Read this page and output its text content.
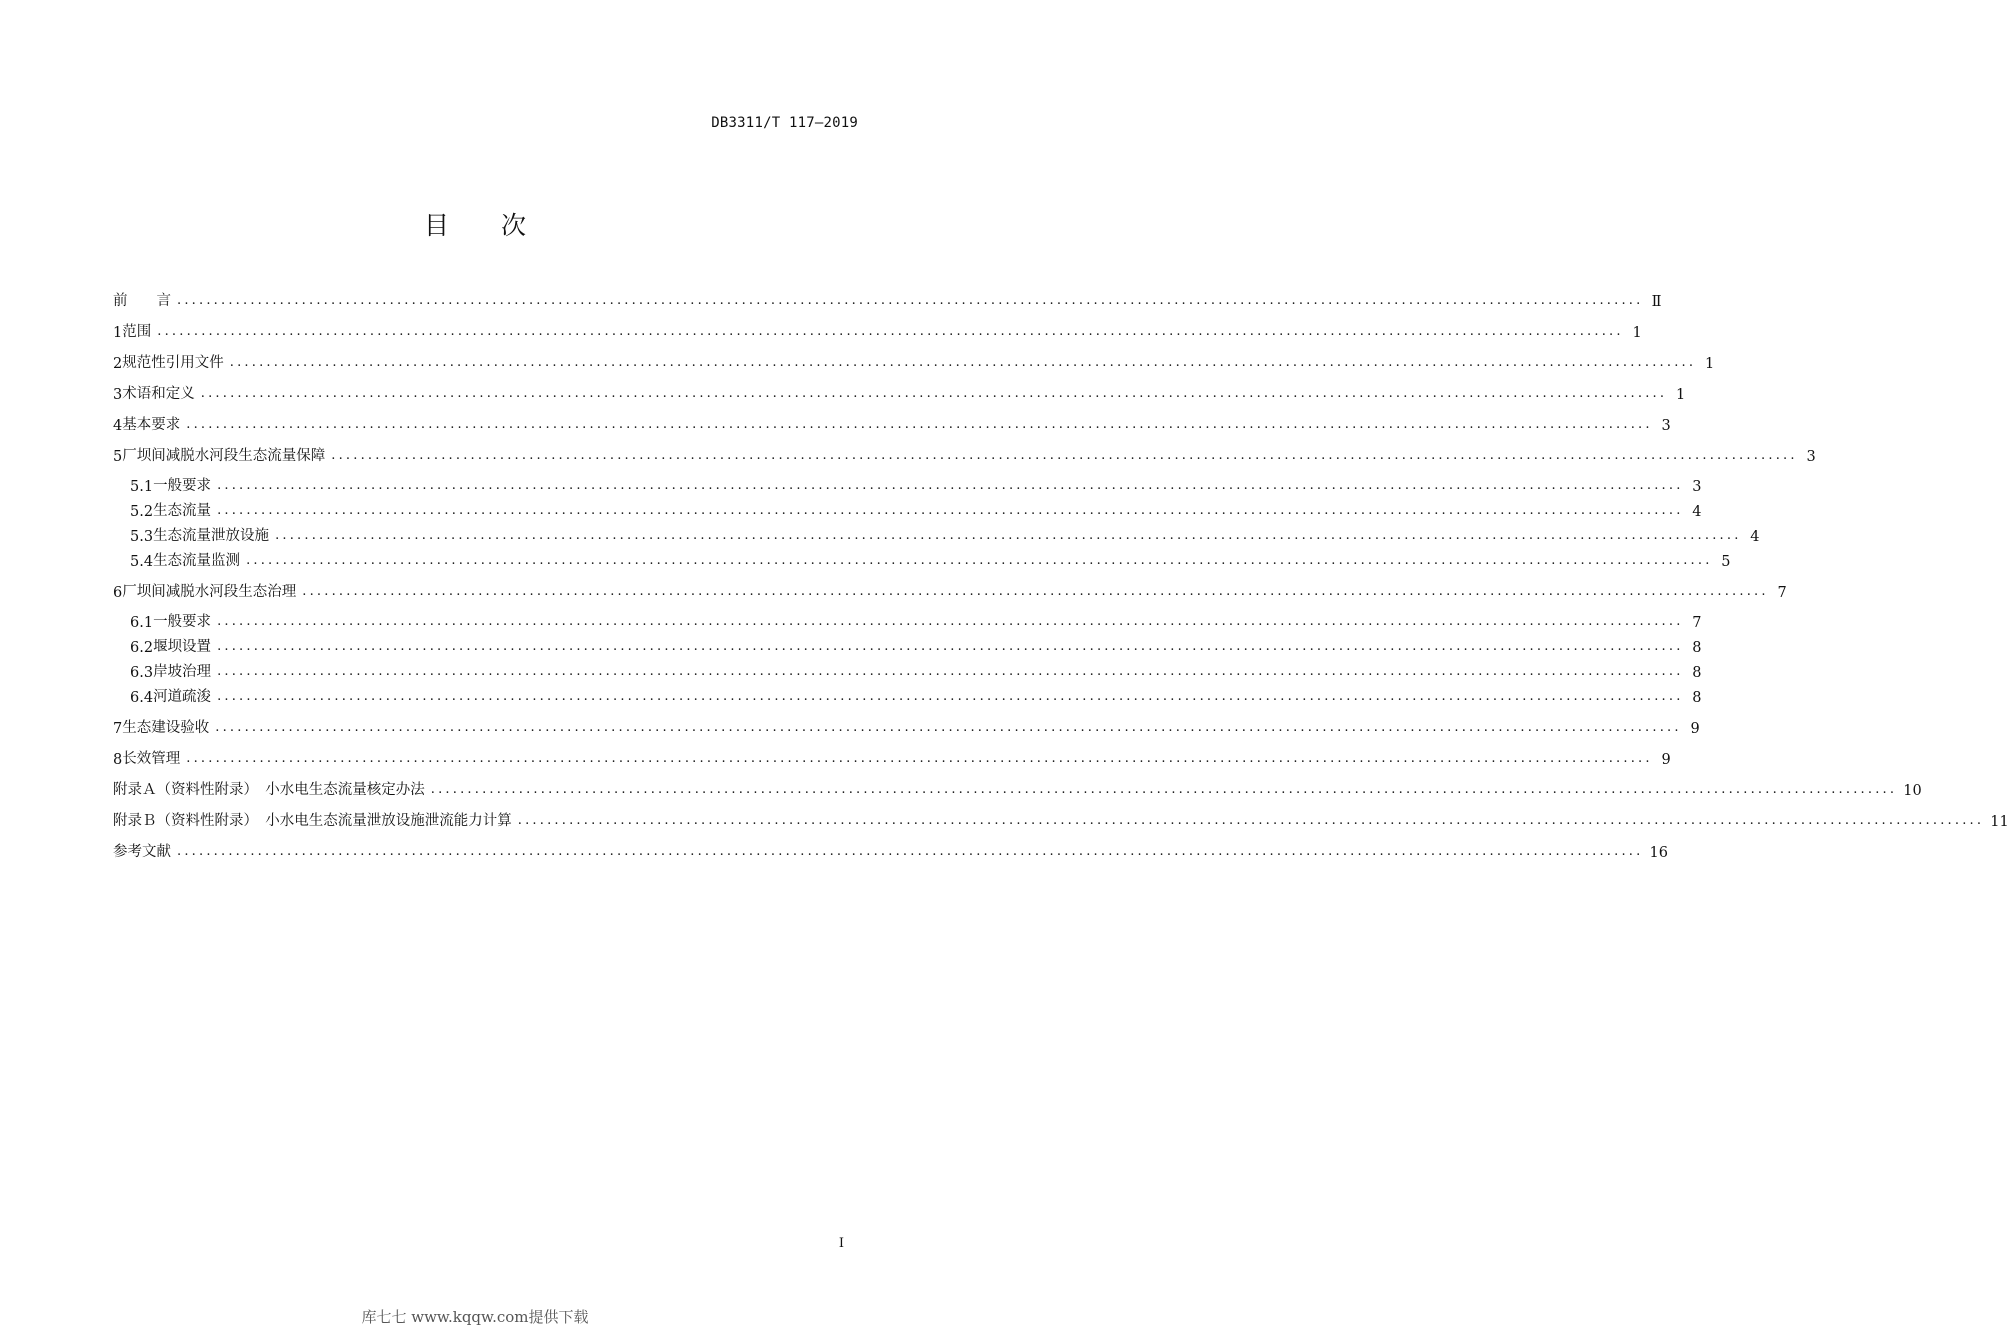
DB3311/T 117—2019
目 次
前　　言 ........................................................................................................................................................................................................ Ⅱ
1 范围 ........................................................................................................................................................................................................ 1
2 规范性引用文件 ........................................................................................................................................................................................................ 1
3 术语和定义 ........................................................................................................................................................................................................ 1
4 基本要求 ........................................................................................................................................................................................................ 3
5 厂坝间减脱水河段生态流量保障 ........................................................................................................................................................................................................ 3
5.1 一般要求 ........................................................................................................................................................................................................ 3
5.2 生态流量 ........................................................................................................................................................................................................ 4
5.3 生态流量泄放设施 ........................................................................................................................................................................................................ 4
5.4 生态流量监测 ........................................................................................................................................................................................................ 5
6 厂坝间减脱水河段生态治理 ........................................................................................................................................................................................................ 7
6.1 一般要求 ........................................................................................................................................................................................................ 7
6.2 堰坝设置 ........................................................................................................................................................................................................ 8
6.3 岸坡治理 ........................................................................................................................................................................................................ 8
6.4 河道疏浚 ........................................................................................................................................................................................................ 8
7 生态建设验收 ........................................................................................................................................................................................................ 9
8 长效管理 ........................................................................................................................................................................................................ 9
附录Ａ（资料性附录）　小水电生态流量核定办法 ........................................................................................................................................................................................................ 10
附录Ｂ（资料性附录）　小水电生态流量泄放设施泄流能力计算 ........................................................................................................................................................................................................ 11
参考文献 ........................................................................................................................................................................................................ 16
I
库七七 www.kqqw.com提供下载
